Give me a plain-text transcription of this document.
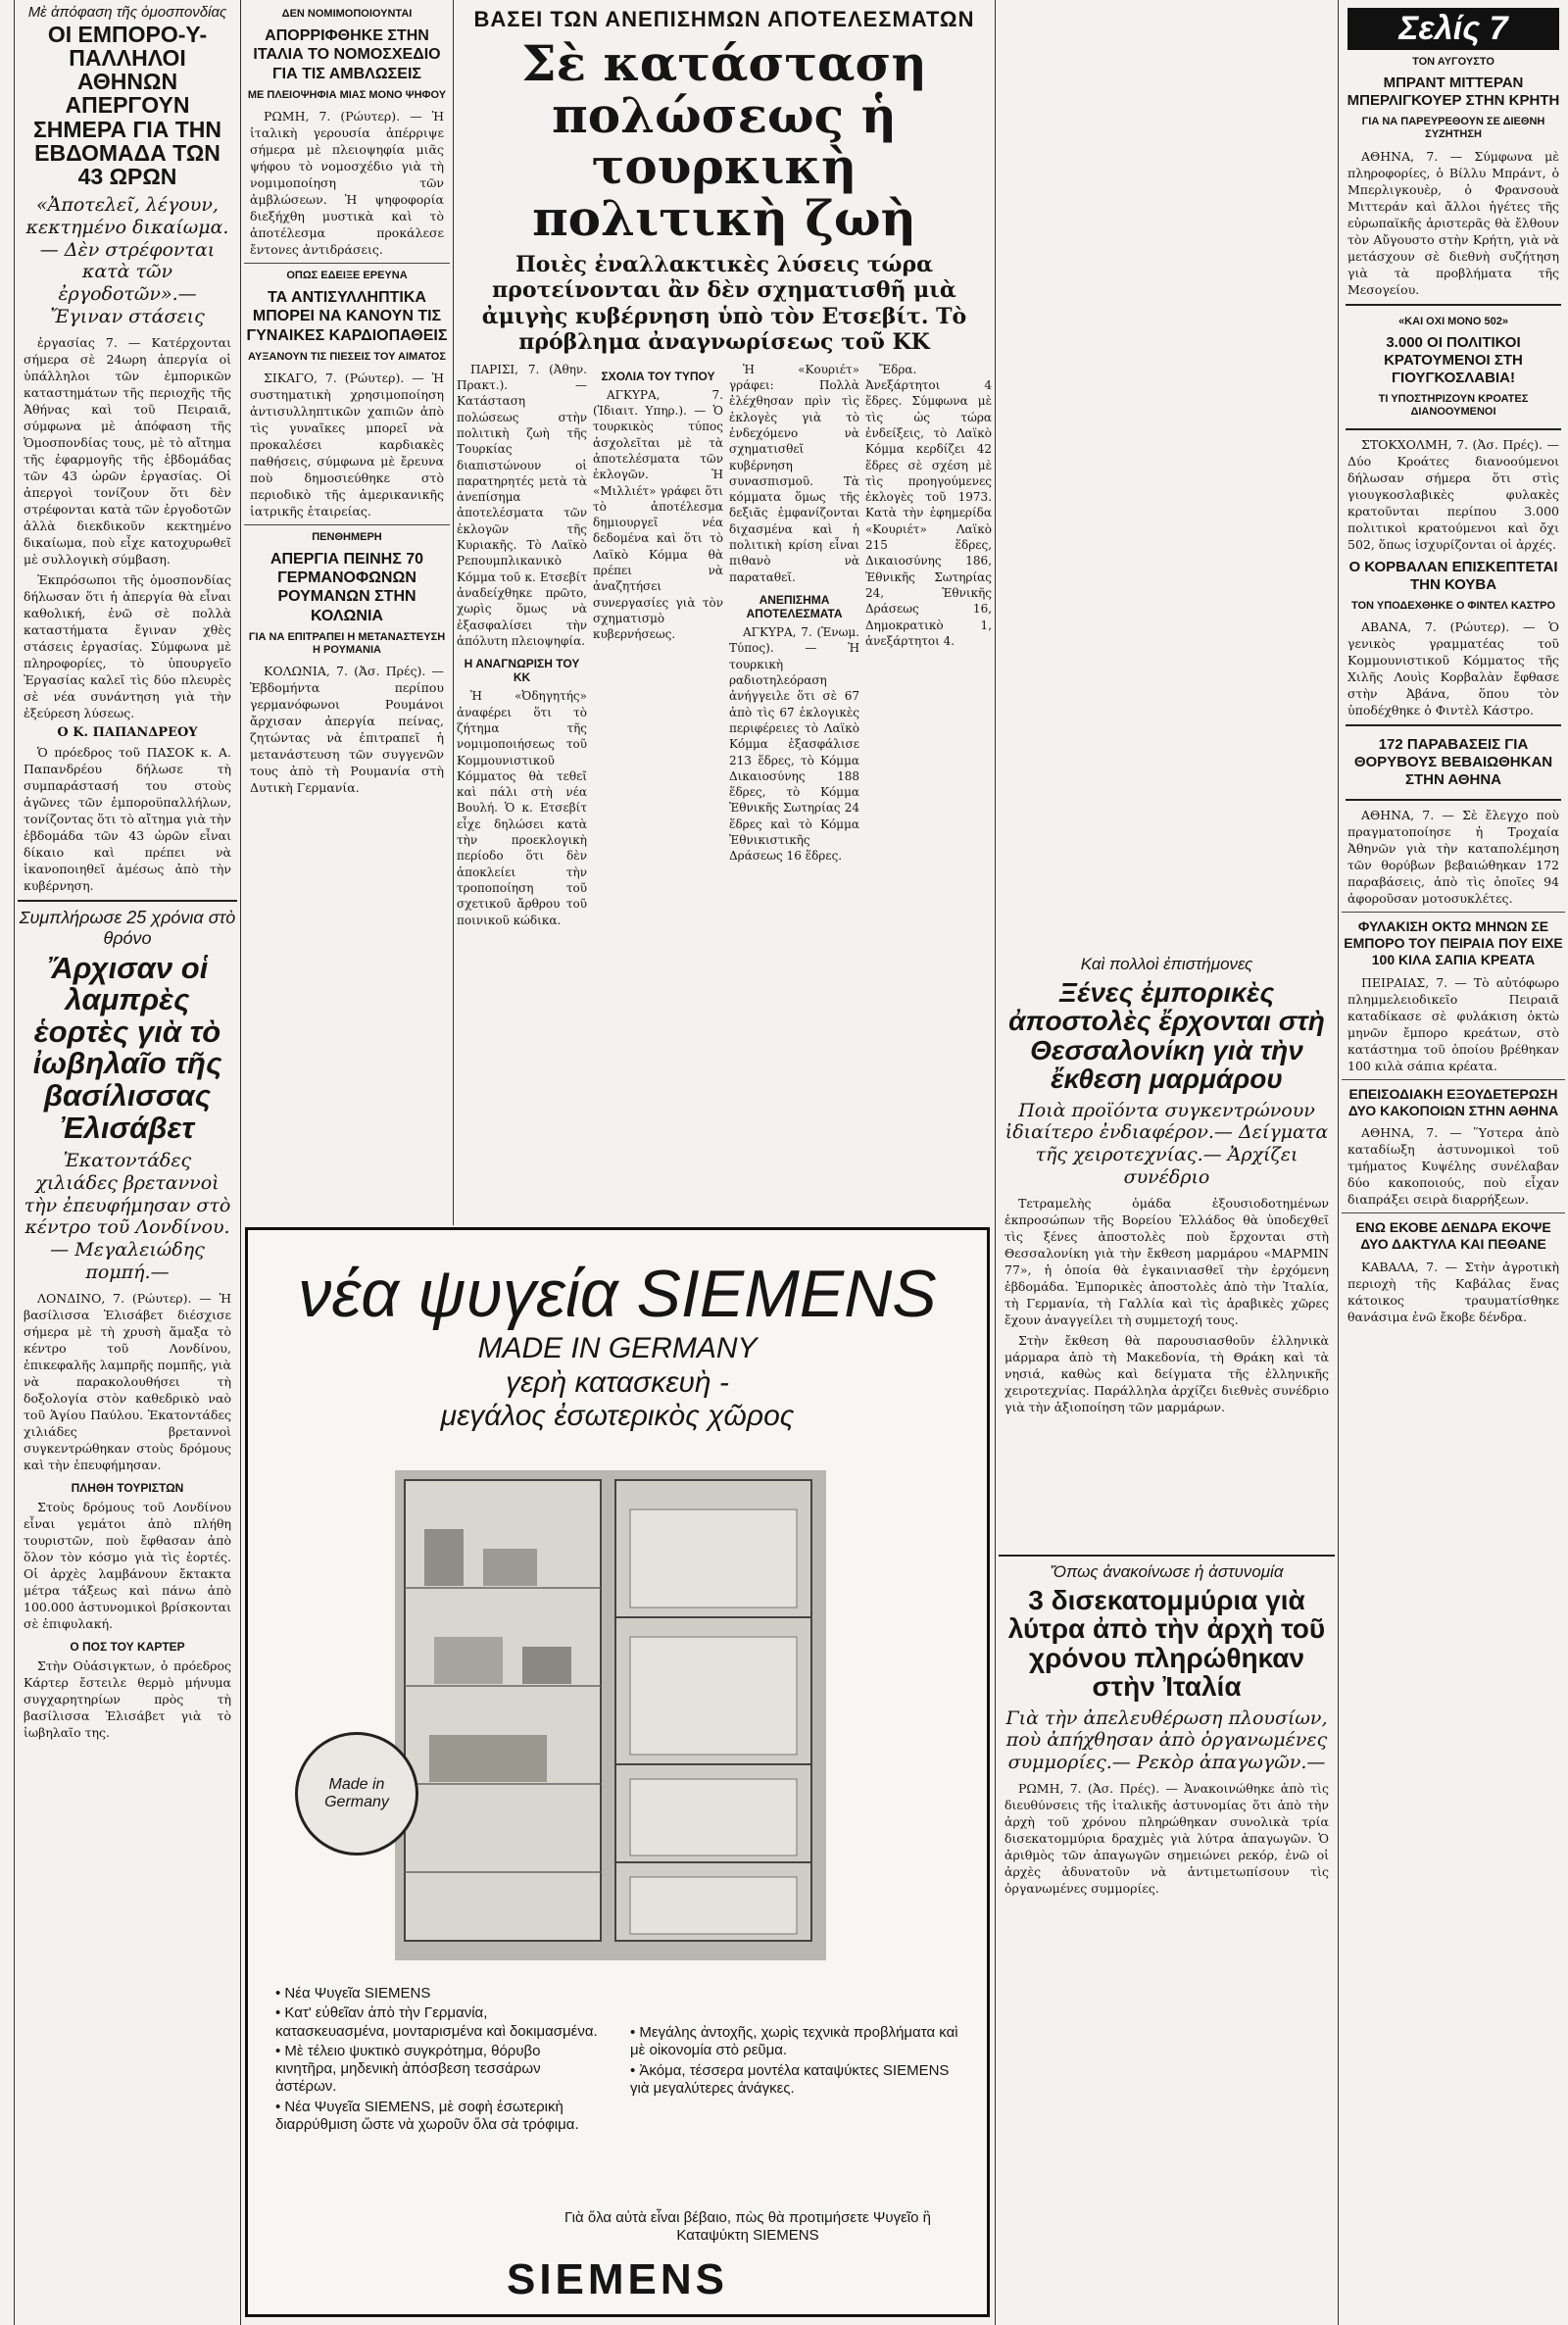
Μὲ ἀπόφαση τῆς ὁμοσπονδίας
ΟΙ ΕΜΠΟΡΟ-Υ-ΠΑΛΛΗΛΟΙ ΑΘΗΝΩΝ ΑΠΕΡΓΟΥΝ ΣΗΜΕΡΑ ΓΙΑ ΤΗΝ ΕΒΔΟΜΑΔΑ ΤΩΝ 43 ΩΡΩΝ
«Ἀποτελεῖ, λέγουν, κεκτημένο δικαίωμα.— Δὲν στρέφονται κατὰ τῶν ἐργοδοτῶν».— Ἔγιναν στάσεις

ἐργασίας 7. — Κατέρχονται σήμερα σὲ 24ωρη ἀπεργία οἱ ὑπάλληλοι τῶν ἐμπορικῶν καταστημάτων τῆς περιοχῆς τῆς Ἀθήνας καὶ τοῦ Πειραιᾶ, σύμφωνα μὲ ἀπόφαση τῆς Ὁμοσπονδίας τους, μὲ τὸ αἴτημα τῆς ἐφαρμογῆς τῆς ἑβδομάδας τῶν 43 ὡρῶν ἐργασίας. Οἱ ἀπεργοὶ τονίζουν ὅτι δὲν στρέφονται κατὰ τῶν ἐργοδοτῶν ἀλλὰ διεκδικοῦν κεκτημένο δικαίωμα, ποὺ εἶχε κατοχυρωθεῖ μὲ συλλογικὴ σύμβαση.

Ἐκπρόσωποι τῆς ὁμοσπονδίας δήλωσαν ὅτι ἡ ἀπεργία θὰ εἶναι καθολική, ἐνῶ σὲ πολλὰ καταστήματα ἔγιναν χθὲς στάσεις ἐργασίας. Σύμφωνα μὲ πληροφορίες, τὸ ὑπουργεῖο Ἐργασίας καλεῖ τὶς δύο πλευρὲς σὲ νέα συνάντηση γιὰ τὴν ἐξεύρεση λύσεως.

Ο Κ. ΠΑΠΑΝΔΡΕΟΥ

Ὁ πρόεδρος τοῦ ΠΑΣΟΚ κ. Α. Παπανδρέου δήλωσε τὴ συμπαράστασή του στοὺς ἀγῶνες τῶν ἐμποροϋπαλλήλων, τονίζοντας ὅτι τὸ αἴτημα γιὰ τὴν ἑβδομάδα τῶν 43 ὡρῶν εἶναι δίκαιο καὶ πρέπει νὰ ἱκανοποιηθεῖ ἀμέσως ἀπὸ τὴν κυβέρνηση.

Συμπλήρωσε 25 χρόνια στὸ θρόνο
Ἄρχισαν οἱ λαμπρὲς ἑορτὲς γιὰ τὸ ἰωβηλαῖο τῆς βασίλισσας Ἐλισάβετ
Ἑκατοντάδες χιλιάδες βρεταννοὶ τὴν ἐπευφήμησαν στὸ κέντρο τοῦ Λονδίνου.— Μεγαλειώδης πομπή.—

ΛΟΝΔΙΝΟ, 7. (Ρώυτερ). — Ἡ βασίλισσα Ἐλισάβετ διέσχισε σήμερα μὲ τὴ χρυσὴ ἅμαξα τὸ κέντρο τοῦ Λονδίνου, ἐπικεφαλῆς λαμπρῆς πομπῆς, γιὰ νὰ παρακολουθήσει τὴ δοξολογία στὸν καθεδρικὸ ναὸ τοῦ Ἁγίου Παύλου. Ἑκατοντάδες χιλιάδες βρεταννοὶ συγκεντρώθηκαν στοὺς δρόμους καὶ τὴν ἐπευφήμησαν.

ΠΛΗΘΗ ΤΟΥΡΙΣΤΩΝ

Στοὺς δρόμους τοῦ Λονδίνου εἶναι γεμάτοι ἀπὸ πλήθη τουριστῶν, ποὺ ἔφθασαν ἀπὸ ὅλον τὸν κόσμο γιὰ τὶς ἑορτές. Οἱ ἀρχὲς λαμβάνουν ἔκτακτα μέτρα τάξεως καὶ πάνω ἀπὸ 100.000 ἀστυνομικοὶ βρίσκονται σὲ ἐπιφυλακή.

Ο ΠΟΣ ΤΟΥ ΚΑΡΤΕΡ

Στὴν Οὐάσιγκτων, ὁ πρόεδρος Κάρτερ ἔστειλε θερμὸ μήνυμα συγχαρητηρίων πρὸς τὴ βασίλισσα Ἐλισάβετ γιὰ τὸ ἰωβηλαῖο της.

ΔΕΝ ΝΟΜΙΜΟΠΟΙΟΥΝΤΑΙ
ΑΠΟΡΡΙΦΘΗΚΕ ΣΤΗΝ ΙΤΑΛΙΑ ΤΟ ΝΟΜΟΣΧΕΔΙΟ ΓΙΑ ΤΙΣ ΑΜΒΛΩΣΕΙΣ
ΜΕ ΠΛΕΙΟΨΗΦΙΑ ΜΙΑΣ ΜΟΝΟ ΨΗΦΟΥ

ΡΩΜΗ, 7. (Ρώυτερ). — Ἡ ἰταλικὴ γερουσία ἀπέρριψε σήμερα μὲ πλειοψηφία μιᾶς ψήφου τὸ νομοσχέδιο γιὰ τὴ νομιμοποίηση τῶν ἀμβλώσεων. Ἡ ψηφοφορία διεξήχθη μυστικὰ καὶ τὸ ἀποτέλεσμα προκάλεσε ἔντονες ἀντιδράσεις.

ΟΠΩΣ ΕΔΕΙΞΕ ΕΡΕΥΝΑ
ΤΑ ΑΝΤΙΣΥΛΛΗΠΤΙΚΑ ΜΠΟΡΕΙ ΝΑ ΚΑΝΟΥΝ ΤΙΣ ΓΥΝΑΙΚΕΣ ΚΑΡΔΙΟΠΑΘΕΙΣ
ΑΥΞΑΝΟΥΝ ΤΙΣ ΠΙΕΣΕΙΣ ΤΟΥ ΑΙΜΑΤΟΣ

ΣΙΚΑΓΟ, 7. (Ρώυτερ). — Ἡ συστηματικὴ χρησιμοποίηση ἀντισυλληπτικῶν χαπιῶν ἀπὸ τὶς γυναῖκες μπορεῖ νὰ προκαλέσει καρδιακὲς παθήσεις, σύμφωνα μὲ ἔρευνα ποὺ δημοσιεύθηκε στὸ περιοδικὸ τῆς ἀμερικανικῆς ἰατρικῆς ἑταιρείας.

ΠΕΝΘΗΜΕΡΗ
ΑΠΕΡΓΙΑ ΠΕΙΝΗΣ 70 ΓΕΡΜΑΝΟΦΩΝΩΝ ΡΟΥΜΑΝΩΝ ΣΤΗΝ ΚΟΛΩΝΙΑ
ΓΙΑ ΝΑ ΕΠΙΤΡΑΠΕΙ Η ΜΕΤΑΝΑΣΤΕΥΣΗ Η ΡΟΥΜΑΝΙΑ

ΚΟΛΩΝΙΑ, 7. (Ἀσ. Πρές). — Ἑβδομήντα περίπου γερμανόφωνοι Ρουμάνοι ἄρχισαν ἀπεργία πείνας, ζητώντας νὰ ἐπιτραπεῖ ἡ μετανάστευση τῶν συγγενῶν τους ἀπὸ τὴ Ρουμανία στὴ Δυτικὴ Γερμανία.

ΒΑΣΕΙ ΤΩΝ ΑΝΕΠΙΣΗΜΩΝ ΑΠΟΤΕΛΕΣΜΑΤΩΝ
Σὲ κατάσταση πολώσεως ἡ τουρκικὴ πολιτικὴ ζωὴ
Ποιὲς ἐναλλακτικὲς λύσεις τώρα προτείνονται ἂν δὲν σχηματισθῆ μιὰ ἀμιγὴς κυβέρνηση ὑπὸ τὸν Ετσεβίτ. Τὸ πρόβλημα ἀναγνωρίσεως τοῦ ΚΚ

ΠΑΡΙΣΙ, 7. (Ἀθην. Πρακτ.). — Κατάσταση πολώσεως στὴν πολιτικὴ ζωὴ τῆς Τουρκίας διαπιστώνουν οἱ παρατηρητές μετὰ τὰ ἀνεπίσημα ἀποτελέσματα τῶν ἐκλογῶν τῆς Κυριακῆς. Τὸ Λαϊκὸ Ρεπουμπλικανικὸ Κόμμα τοῦ κ. Ετσεβίτ ἀναδείχθηκε πρῶτο, χωρὶς ὅμως νὰ ἐξασφαλίσει τὴν ἀπόλυτη πλειοψηφία.

Η ΑΝΑΓΝΩΡΙΣΗ ΤΟΥ ΚΚ

Ἡ «Ὀδηγητής» ἀναφέρει ὅτι τὸ ζήτημα τῆς νομιμοποιήσεως τοῦ Κομμουνιστικοῦ Κόμματος θὰ τεθεῖ καὶ πάλι στὴ νέα Βουλή. Ὁ κ. Ετσεβίτ εἶχε δηλώσει κατὰ τὴν προεκλογικὴ περίοδο ὅτι δὲν ἀποκλείει τὴν τροποποίηση τοῦ σχετικοῦ ἄρθρου τοῦ ποινικοῦ κώδικα.

ΣΧΟΛΙΑ ΤΟΥ ΤΥΠΟΥ

ΑΓΚΥΡΑ, 7. (Ἰδιαιτ. Υπηρ.). — Ὁ τουρκικὸς τύπος ἀσχολεῖται μὲ τὰ ἀποτελέσματα τῶν ἐκλογῶν. Ἡ «Μιλλιέτ» γράφει ὅτι τὸ ἀποτέλεσμα δημιουργεῖ νέα δεδομένα καὶ ὅτι τὸ Λαϊκὸ Κόμμα θὰ πρέπει νὰ ἀναζητήσει συνεργασίες γιὰ τὸν σχηματισμὸ κυβερνήσεως.

Ἡ «Κουριέτ» γράφει: Πολλὰ ἐλέχθησαν πρὶν τὶς ἐκλογὲς γιὰ τὸ ἐνδεχόμενο νὰ σχηματισθεῖ κυβέρνηση συνασπισμοῦ. Τὰ κόμματα ὅμως τῆς δεξιᾶς ἐμφανίζονται διχασμένα καὶ ἡ πολιτικὴ κρίση εἶναι πιθανὸ νὰ παραταθεῖ.

ΑΝΕΠΙΣΗΜΑ ΑΠΟΤΕΛΕΣΜΑΤΑ

ΑΓΚΥΡΑ, 7. (Ἑνωμ. Τύπος). — Ἡ τουρκικὴ ραδιοτηλεόραση ἀνήγγειλε ὅτι σὲ 67 ἀπὸ τὶς 67 ἐκλογικὲς περιφέρειες τὸ Λαϊκὸ Κόμμα ἐξασφάλισε 213 ἕδρες, τὸ Κόμμα Δικαιοσύνης 188 ἕδρες, τὸ Κόμμα Ἐθνικῆς Σωτηρίας 24 ἕδρες καὶ τὸ Κόμμα Ἐθνικιστικῆς Δράσεως 16 ἕδρες.

Ἔδρα. Ἀνεξάρτητοι 4 ἕδρες. Σύμφωνα μὲ τὶς ὡς τώρα ἐνδείξεις, τὸ Λαϊκὸ Κόμμα κερδίζει 42 ἕδρες σὲ σχέση μὲ τὶς προηγούμενες ἐκλογὲς τοῦ 1973. Κατὰ τὴν ἐφημερίδα «Κουριέτ» Λαϊκὸ 215 ἕδρες, Δικαιοσύνης 186, Ἐθνικῆς Σωτηρίας 24, Ἐθνικῆς Δράσεως 16, Δημοκρατικὸ 1, ἀνεξάρτητοι 4.

Καὶ πολλοὶ ἐπιστήμονες
Ξένες ἐμπορικὲς ἀποστολὲς ἔρχονται στὴ Θεσσαλονίκη γιὰ τὴν ἔκθεση μαρμάρου
Ποιὰ προϊόντα συγκεντρώνουν ἰδιαίτερο ἐνδιαφέρον.— Δείγματα τῆς χειροτεχνίας.— Ἀρχίζει συνέδριο

Τετραμελὴς ὁμάδα ἐξουσιοδοτημένων ἐκπροσώπων τῆς Βορείου Ἑλλάδος θὰ ὑποδεχθεῖ τὶς ξένες ἀποστολὲς ποὺ ἔρχονται στὴ Θεσσαλονίκη γιὰ τὴν ἔκθεση μαρμάρου «ΜΑΡΜΙΝ 77», ἡ ὁποία θὰ ἐγκαινιασθεῖ τὴν ἐρχόμενη ἑβδομάδα. Ἐμπορικὲς ἀποστολὲς ἀπὸ τὴν Ἰταλία, τὴ Γερμανία, τὴ Γαλλία καὶ τὶς ἀραβικὲς χῶρες ἔχουν ἀναγγείλει τὴ συμμετοχή τους.

Στὴν ἔκθεση θὰ παρουσιασθοῦν ἑλληνικὰ μάρμαρα ἀπὸ τὴ Μακεδονία, τὴ Θράκη καὶ τὰ νησιά, καθὼς καὶ δείγματα τῆς ἑλληνικῆς χειροτεχνίας. Παράλληλα ἀρχίζει διεθνὲς συνέδριο γιὰ τὴν ἀξιοποίηση τῶν μαρμάρων.

Ὅπως ἀνακοίνωσε ἡ ἀστυνομία
3 δισεκατομμύρια γιὰ λύτρα ἀπὸ τὴν ἀρχὴ τοῦ χρόνου πληρώθηκαν στὴν Ἰταλία
Γιὰ τὴν ἀπελευθέρωση πλουσίων, ποὺ ἀπήχθησαν ἀπὸ ὀργανωμένες συμμορίες.— Ρεκὸρ ἀπαγωγῶν.—

ΡΩΜΗ, 7. (Ἀσ. Πρές). — Ἀνακοινώθηκε ἀπὸ τὶς διευθύνσεις τῆς ἰταλικῆς ἀστυνομίας ὅτι ἀπὸ τὴν ἀρχὴ τοῦ χρόνου πληρώθηκαν συνολικὰ τρία δισεκατομμύρια δραχμὲς γιὰ λύτρα ἀπαγωγῶν. Ὁ ἀριθμὸς τῶν ἀπαγωγῶν σημειώνει ρεκόρ, ἐνῶ οἱ ἀρχὲς ἀδυνατοῦν νὰ ἀντιμετωπίσουν τὶς ὀργανωμένες συμμορίες.

Σελίς 7
ΤΟΝ ΑΥΓΟΥΣΤΟ
ΜΠΡΑΝΤ ΜΙΤΤΕΡΑΝ ΜΠΕΡΛΙΓΚΟΥΕΡ ΣΤΗΝ ΚΡΗΤΗ
ΓΙΑ ΝΑ ΠΑΡΕΥΡΕΘΟΥΝ ΣΕ ΔΙΕΘΝΗ ΣΥΖΗΤΗΣΗ

ΑΘΗΝΑ, 7. — Σύμφωνα μὲ πληροφορίες, ὁ Βίλλυ Μπράντ, ὁ Μπερλιγκουὲρ, ὁ Φρανσουὰ Μιττεράν καὶ ἄλλοι ἡγέτες τῆς εὐρωπαϊκῆς ἀριστερᾶς θὰ ἔλθουν τὸν Αὔγουστο στὴν Κρήτη, γιὰ νὰ μετάσχουν σὲ διεθνὴ συζήτηση γιὰ τὰ προβλήματα τῆς Μεσογείου.

«ΚΑΙ ΟΧΙ ΜΟΝΟ 502»
3.000 ΟΙ ΠΟΛΙΤΙΚΟΙ ΚΡΑΤΟΥΜΕΝΟΙ ΣΤΗ ΓΙΟΥΓΚΟΣΛΑΒΙΑ!
ΤΙ ΥΠΟΣΤΗΡΙΖΟΥΝ ΚΡΟΑΤΕΣ ΔΙΑΝΟΟΥΜΕΝΟΙ

ΣΤΟΚΧΟΛΜΗ, 7. (Ἀσ. Πρές). — Δύο Κροάτες διανοούμενοι δήλωσαν σήμερα ὅτι στὶς γιουγκοσλαβικὲς φυλακὲς κρατοῦνται περίπου 3.000 πολιτικοὶ κρατούμενοι καὶ ὄχι 502, ὅπως ἰσχυρίζονται οἱ ἀρχές.

Ο ΚΟΡΒΑΛΑΝ ΕΠΙΣΚΕΠΤΕΤΑΙ ΤΗΝ ΚΟΥΒΑ
ΤΟΝ ΥΠΟΔΕΧΘΗΚΕ Ο ΦΙΝΤΕΛ ΚΑΣΤΡΟ

ΑΒΑΝΑ, 7. (Ρώυτερ). — Ὁ γενικὸς γραμματέας τοῦ Κομμουνιστικοῦ Κόμματος τῆς Χιλῆς Λουὶς Κορβαλὰν ἔφθασε στὴν Ἀβάνα, ὅπου τὸν ὑποδέχθηκε ὁ Φιντὲλ Κάστρο.

172 ΠΑΡΑΒΑΣΕΙΣ ΓΙΑ ΘΟΡΥΒΟΥΣ ΒΕΒΑΙΩΘΗΚΑΝ ΣΤΗΝ ΑΘΗΝΑ

ΑΘΗΝΑ, 7. — Σὲ ἔλεγχο ποὺ πραγματοποίησε ἡ Τροχαία Ἀθηνῶν γιὰ τὴν καταπολέμηση τῶν θορύβων βεβαιώθηκαν 172 παραβάσεις, ἀπὸ τὶς ὁποῖες 94 ἀφοροῦσαν μοτοσυκλέτες.

ΦΥΛΑΚΙΣΗ ΟΚΤΩ ΜΗΝΩΝ ΣΕ ΕΜΠΟΡΟ ΤΟΥ ΠΕΙΡΑΙΑ ΠΟΥ ΕΙΧΕ 100 ΚΙΛΑ ΣΑΠΙΑ ΚΡΕΑΤΑ

ΠΕΙΡΑΙΑΣ, 7. — Τὸ αὐτόφωρο πλημμελειοδικεῖο Πειραιᾶ καταδίκασε σὲ φυλάκιση ὀκτὼ μηνῶν ἔμπορο κρεάτων, στὸ κατάστημα τοῦ ὁποίου βρέθηκαν 100 κιλὰ σάπια κρέατα.

ΕΠΕΙΣΟΔΙΑΚΗ ΕΞΟΥΔΕΤΕΡΩΣΗ ΔΥΟ ΚΑΚΟΠΟΙΩΝ ΣΤΗΝ ΑΘΗΝΑ

ΑΘΗΝΑ, 7. — Ὕστερα ἀπὸ καταδίωξη ἀστυνομικοὶ τοῦ τμήματος Κυψέλης συνέλαβαν δύο κακοποιούς, ποὺ εἶχαν διαπράξει σειρὰ διαρρήξεων.

ΕΝΩ ΕΚΟΒΕ ΔΕΝΔΡΑ ΕΚΟΨΕ ΔΥΟ ΔΑΚΤΥΛΑ ΚΑΙ ΠΕΘΑΝΕ

ΚΑΒΑΛΑ, 7. — Στὴν ἀγροτικὴ περιοχὴ τῆς Καβάλας ἕνας κάτοικος τραυματίσθηκε θανάσιμα ἐνῶ ἔκοβε δένδρα.

νέα ψυγεία SIEMENS
MADE IN GERMANY
γερὴ κατασκευὴ -
μεγάλος ἐσωτερικὸς χῶρος
Made in Germany
• Νέα Ψυγεῖα SIEMENS
• Κατ' εὐθεῖαν ἀπὸ τὴν Γερμανία, κατασκευασμένα, μονταρισμένα καὶ δοκιμασμένα.
• Μὲ τέλειο ψυκτικὸ συγκρότημα, θόρυβο κινητῆρα, μηδενικὴ ἀπόσβεση τεσσάρων ἀστέρων.
• Νέα Ψυγεῖα SIEMENS, μὲ σοφὴ ἐσωτερικὴ διαρρύθμιση ὥστε νὰ χωροῦν ὅλα σὰ τρόφιμα.
• Μεγάλης ἀντοχῆς, χωρὶς τεχνικὰ προβλήματα καὶ μὲ οἰκονομία στὸ ρεῦμα.
• Ἀκόμα, τέσσερα μοντέλα καταψύκτες SIEMENS γιὰ μεγαλύτερες ἀνάγκες.
Γιὰ ὅλα αὐτὰ εἶναι βέβαιο, πὼς θὰ προτιμήσετε Ψυγεῖο ἢ Καταψύκτη SIEMENS
SIEMENS
